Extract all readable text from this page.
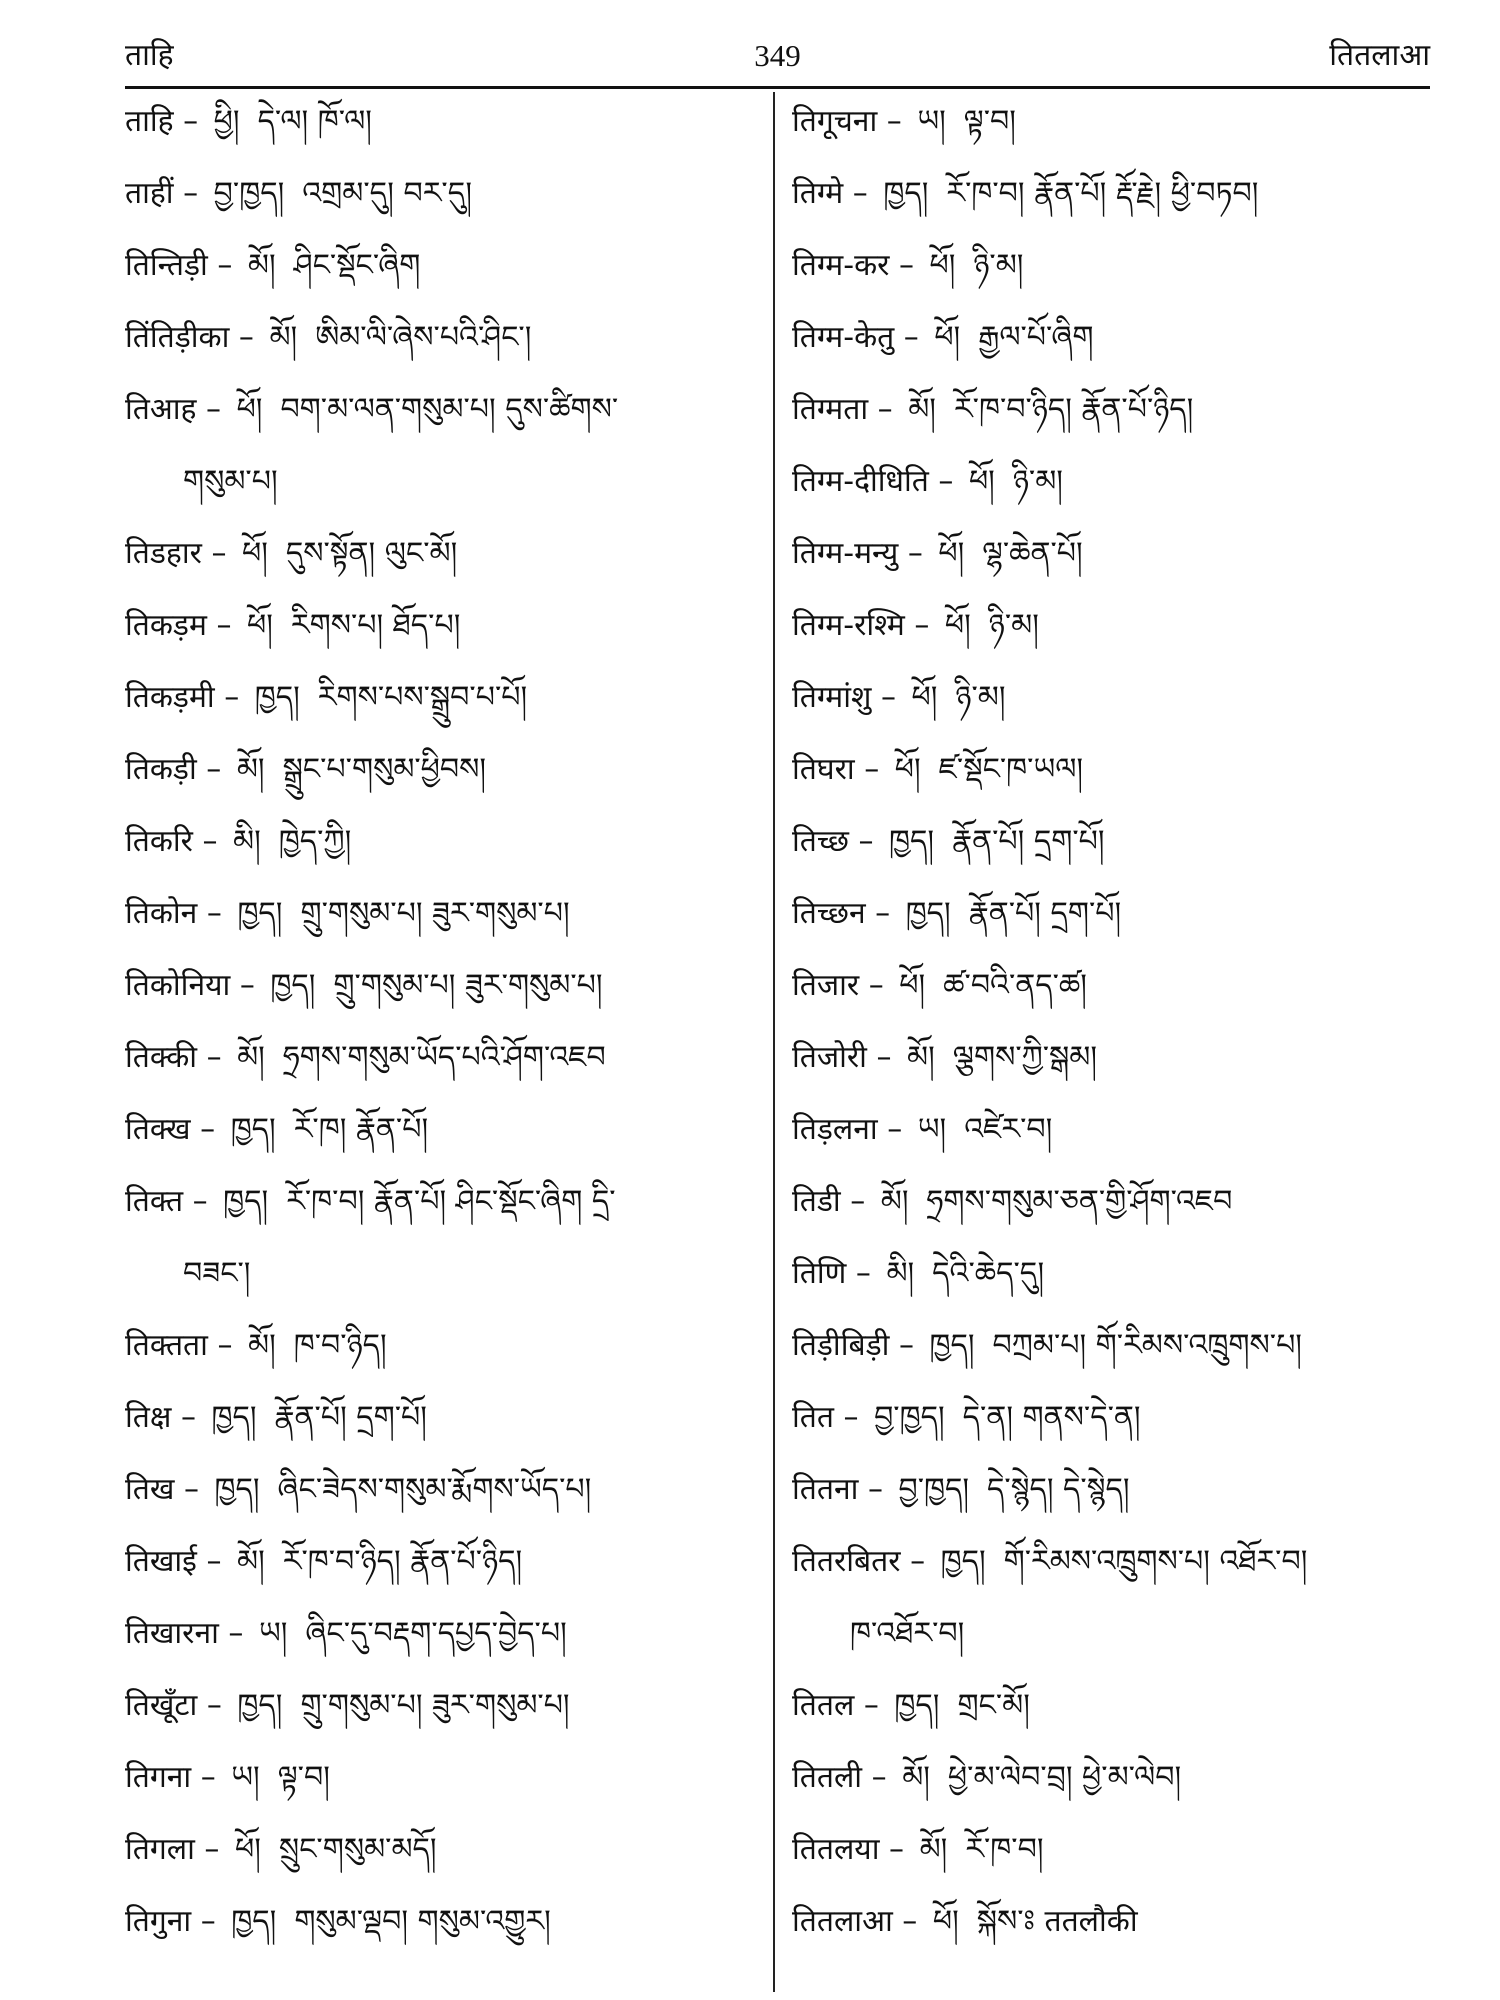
ताहि	349	तितलाआ
ताहि – ཕྱི། དེ་ལ། ཁོ་ལ།
ताहीं – བྱ་ཁྱད། འགྲམ་དུ། བར་དུ།
तिन्तिड़ी – མོ། ཤིང་སྡོང་ཞིག
तिंतिड़ीका – མོ། ཨིམ་ལི་ཞེས་པའི་ཤིང་།
तिआह – ཕོ། བག་མ་ལན་གསུམ་པ། དུས་ཚིགས་
གསུམ་པ།
तिडहार – ཕོ། དུས་སྟོན། ལུང་མོ།
तिकड़म – ཕོ། རིགས་པ། ཐོད་པ།
तिकड़मी – ཁྱད། རིགས་པས་སྒྲུབ་པ་པོ།
तिकड़ी – མོ། སྒྲུང་པ་གསུམ་ཕྱིབས།
तिकरि – མི། ཁྱེད་ཀྱི།
तिकोन – ཁྱད། གྲུ་གསུམ་པ། ཟུར་གསུམ་པ།
तिकोनिया – ཁྱད། གྲུ་གསུམ་པ། ཟུར་གསུམ་པ།
तिक्की – མོ། ཧྲགས་གསུམ་ཡོད་པའི་ཤོག་འཇབ
तिक्ख – ཁྱད། རོ་ཁ། རྣོན་པོ།
तिक्त – ཁྱད། རོ་ཁ་བ། རྣོན་པོ། ཤིང་སྡོང་ཞིག དྲི་
བཟང་།
तिक्तता – མོ། ཁ་བ་ཉིད།
तिक्ष – ཁྱད། རྣོན་པོ། དྲག་པོ།
तिख – ཁྱད། ཞིང་ཟེདས་གསུམ་རྨོགས་ཡོད་པ།
तिखाई – མོ། རོ་ཁ་བ་ཉིད། རྣོན་པོ་ཉིད།
तिखारना – ཡ། ཞིང་དུ་བརྡག་དཔྱད་བྱེད་པ།
तिखूँटा – ཁྱད། གྲུ་གསུམ་པ། ཟུར་གསུམ་པ།
तिगना – ཡ། ལྟ་བ།
तिगला – ཕོ། སྲུང་གསུམ་མདོ།
तिगुना – ཁྱད། གསུམ་ལྡབ། གསུམ་འགྱུར།
तिगूचना – ཡ། ལྟ་བ།
तिग्मे – ཁྱད། རོ་ཁ་བ། རྣོན་པོ། རྡོ་རྗེ། ཕྱི་བཏབ།
तिग्म-कर – ཕོ། ཉི་མ།
तिग्म-केतु – ཕོ། རྒྱལ་པོ་ཞིག
तिग्मता – མོ། རོ་ཁ་བ་ཉིད། རྣོན་པོ་ཉིད།
तिग्म-दीधिति – ཕོ། ཉི་མ།
तिग्म-मन्यु – ཕོ། ལྷ་ཆེན་པོ།
तिग्म-रश्मि – ཕོ། ཉི་མ།
तिग्मांशु – ཕོ། ཉི་མ།
तिघरा – ཕོ། ཛ་སྡོང་ཁ་ཡལ།
तिच्छ – ཁྱད། རྣོན་པོ། དྲག་པོ།
तिच्छन – ཁྱད། རྣོན་པོ། དྲག་པོ།
तिजार – ཕོ། ཚ་བའི་ནད་ཚ།
तिजोरी – མོ། ལྕགས་ཀྱི་སྒམ།
तिड़लना – ཡ། འཛེར་བ།
तिडी – མོ། ཧྲགས་གསུམ་ཅན་གྱི་ཤོག་འཇབ
तिणि – མི། དེའི་ཆེད་དུ།
तिड़ीबिड़ी – ཁྱད། བཀྲམ་པ། གོ་རིམས་འཁྲུགས་པ།
तित – བྱ་ཁྱད། དེ་ན། གནས་དེ་ན།
तितना – བྱ་ཁྱད། དེ་སྙེད། དེ་སྙེད།
तितरबितर – ཁྱད། གོ་རིམས་འཁྲུགས་པ། འཐོར་བ།
ཁ་འཐོར་བ།
तितल – ཁྱད། གྲང་མོ།
तितली – མོ། ཕྱེ་མ་ལེབ་བྲ། ཕྱེ་མ་ལེབ།
तितलया – མོ། རོ་ཁ་བ།
तितलाआ – ཕོ། སྐོས་ཿ ततलौकी
